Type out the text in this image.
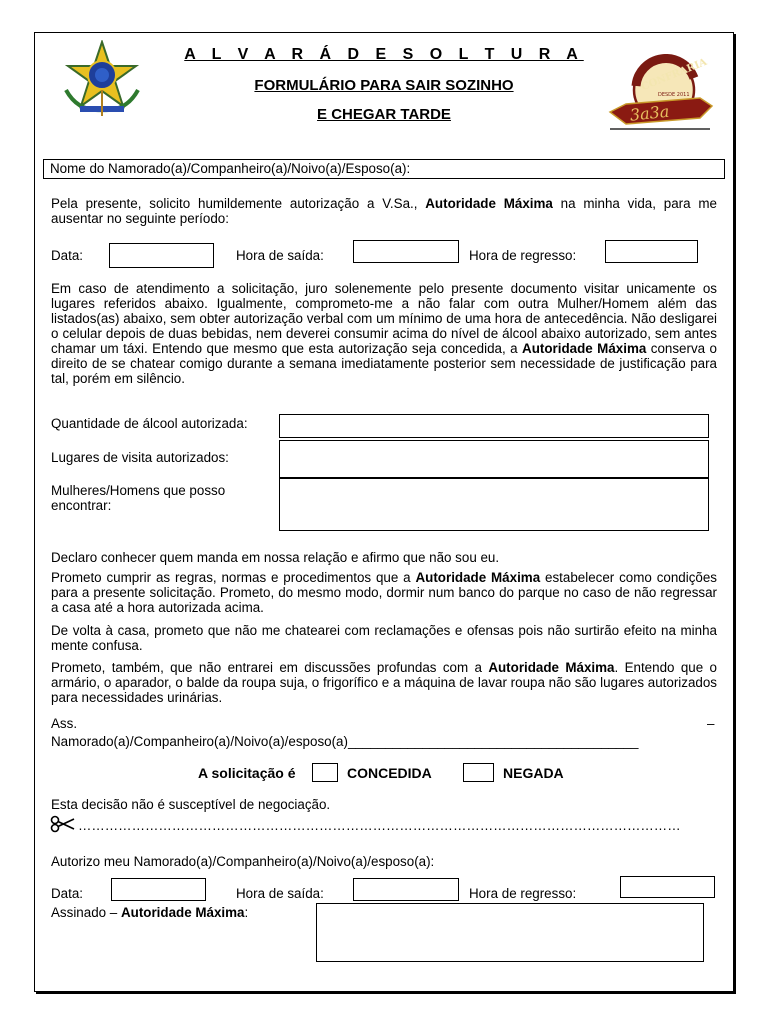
CONFRARIA
DESDE 2011
3a3a
A L V A R Á D E S O L T U R A
FORMULÁRIO PARA SAIR SOZINHO
E CHEGAR TARDE
Nome do Namorado(a)/Companheiro(a)/Noivo(a)/Esposo(a):
Pela presente, solicito humildemente autorização a V.Sa., Autoridade Máxima na minha vida, para me ausentar no seguinte período:
Data:	Hora de saída:	Hora de regresso:
Em caso de atendimento a solicitação, juro solenemente pelo presente documento visitar unicamente os lugares referidos abaixo. Igualmente, comprometo-me a não falar com outra Mulher/Homem além das listados(as) abaixo, sem obter autorização verbal com um mínimo de uma hora de antecedência. Não desligarei o celular depois de duas bebidas, nem deverei consumir acima do nível de álcool abaixo autorizado, sem antes chamar um táxi. Entendo que mesmo que esta autorização seja concedida, a Autoridade Máxima conserva o direito de se chatear comigo durante a semana imediatamente posterior sem necessidade de justificação para tal, porém em silêncio.
Quantidade de álcool autorizada:
Lugares de visita autorizados:
Mulheres/Homens que posso encontrar:
Declaro conhecer quem manda em nossa relação e afirmo que não sou eu.
Prometo cumprir as regras, normas e procedimentos que a Autoridade Máxima estabelecer como condições para a presente solicitação. Prometo, do mesmo modo, dormir num banco do parque no caso de não regressar a casa até a hora autorizada acima.
De volta à casa, prometo que não me chatearei com reclamações e ofensas pois não surtirão efeito na minha mente confusa.
Prometo, também, que não entrarei em discussões profundas com a Autoridade Máxima. Entendo que o armário, o aparador, o balde da roupa suja, o frigorífico e a máquina de lavar roupa não são lugares autorizados para necessidades urinárias.
Ass.	–
Namorado(a)/Companheiro(a)/Noivo(a)/esposo(a)_______________________________________
A solicitação é	CONCEDIDA	NEGADA
Esta decisão não é susceptível de negociação.
………………………………………………………………………………………………………………………
Autorizo meu Namorado(a)/Companheiro(a)/Noivo(a)/esposo(a):
Data:	Hora de saída:	Hora de regresso:
Assinado – Autoridade Máxima:
